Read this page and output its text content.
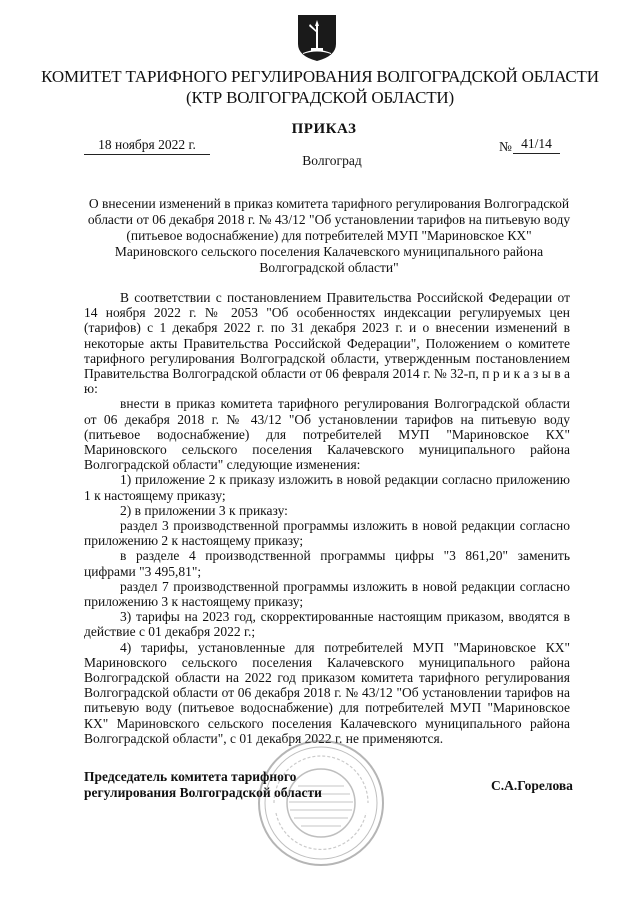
КОМИТЕТ ТАРИФНОГО РЕГУЛИРОВАНИЯ ВОЛГОГРАДСКОЙ ОБЛАСТИ
(КТР ВОЛГОГРАДСКОЙ ОБЛАСТИ)
ПРИКАЗ
18 ноября 2022 г.	№ 41/14
Волгоград
О внесении изменений в приказ комитета тарифного регулирования Волгоградской области от 06 декабря 2018 г. № 43/12 "Об установлении тарифов на питьевую воду (питьевое водоснабжение) для потребителей МУП "Мариновское КХ" Мариновского сельского поселения Калачевского муниципального района Волгоградской области"

В соответствии с постановлением Правительства Российской Федерации от 14 ноября 2022 г. № 2053 "Об особенностях индексации регулируемых цен (тарифов) с 1 декабря 2022 г. по 31 декабря 2023 г. и о внесении изменений в некоторые акты Правительства Российской Федерации", Положением о комитете тарифного регулирования Волгоградской области, утвержденным постановлением Правительства Волгоградской области от 06 февраля 2014 г. № 32-п, п р и к а з ы в а ю:

внести в приказ комитета тарифного регулирования Волгоградской области от 06 декабря 2018 г. № 43/12 "Об установлении тарифов на питьевую воду (питьевое водоснабжение) для потребителей МУП "Мариновское КХ" Мариновского сельского поселения Калачевского муниципального района Волгоградской области" следующие изменения:

1) приложение 2 к приказу изложить в новой редакции согласно приложению 1 к настоящему приказу;

2) в приложении 3 к приказу:

раздел 3 производственной программы изложить в новой редакции согласно приложению 2 к настоящему приказу;

в разделе 4 производственной программы цифры "3 861,20" заменить цифрами "3 495,81";

раздел 7 производственной программы изложить в новой редакции согласно приложению 3 к настоящему приказу;

3) тарифы на 2023 год, скорректированные настоящим приказом, вводятся в действие с 01 декабря 2022 г.;

4) тарифы, установленные для потребителей МУП "Мариновское КХ" Мариновского сельского поселения Калачевского муниципального района Волгоградской области на 2022 год приказом комитета тарифного регулирования Волгоградской области от 06 декабря 2018 г. № 43/12 "Об установлении тарифов на питьевую воду (питьевое водоснабжение) для потребителей МУП "Мариновское КХ" Мариновского сельского поселения Калачевского муниципального района Волгоградской области", с 01 декабря 2022 г. не применяются.

Председатель комитета тарифного
регулирования Волгоградской области	С.А.Горелова
